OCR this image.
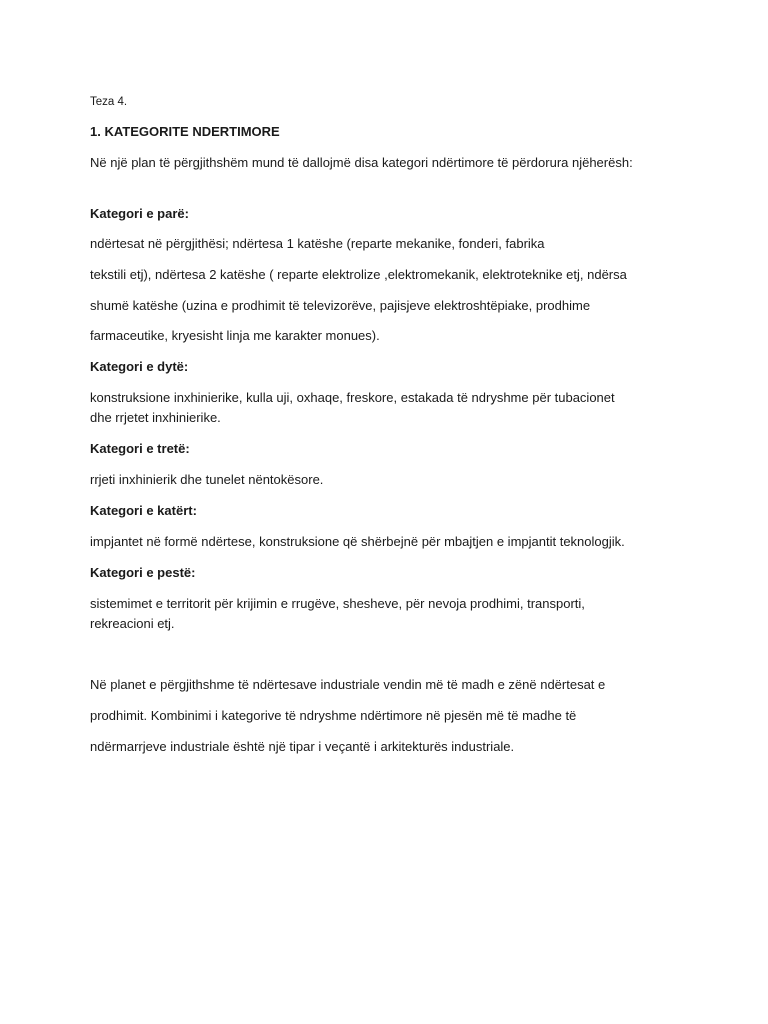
Teza 4.

1. KATEGORITE NDERTIMORE

Në një plan të përgjithshëm mund të dallojmë disa kategori ndërtimore të përdorura njëherësh:

Kategori e parë:

ndërtesat në përgjithësi; ndërtesa 1 katëshe (reparte mekanike, fonderi, fabrika

tekstili etj), ndërtesa 2 katëshe ( reparte elektrolize ,elektromekanik, elektroteknike etj, ndërsa

shumë katëshe (uzina e prodhimit të televizorëve, pajisjeve elektroshtëpiake, prodhime

farmaceutike, kryesisht linja me karakter monues).

Kategori e dytë:

konstruksione inxhinierike, kulla uji, oxhaqe, freskore, estakada të ndryshme për tubacionet

dhe rrjetet inxhinierike.

Kategori e tretë:

rrjeti inxhinierik dhe tunelet nëntokësore.

Kategori e katërt:

impjantet në formë ndërtese, konstruksione që shërbejnë për mbajtjen e impjantit teknologjik.

Kategori e pestë:

sistemimet e territorit për krijimin e rrugëve, shesheve, për nevoja prodhimi, transporti,

rekreacioni etj.

Në planet e përgjithshme të ndërtesave industriale vendin më të madh e zënë ndërtesat e

prodhimit. Kombinimi i kategorive të ndryshme ndërtimore në pjesën më të madhe të

ndërmarrjeve industriale është një tipar i veçantë i arkitekturës industriale.
